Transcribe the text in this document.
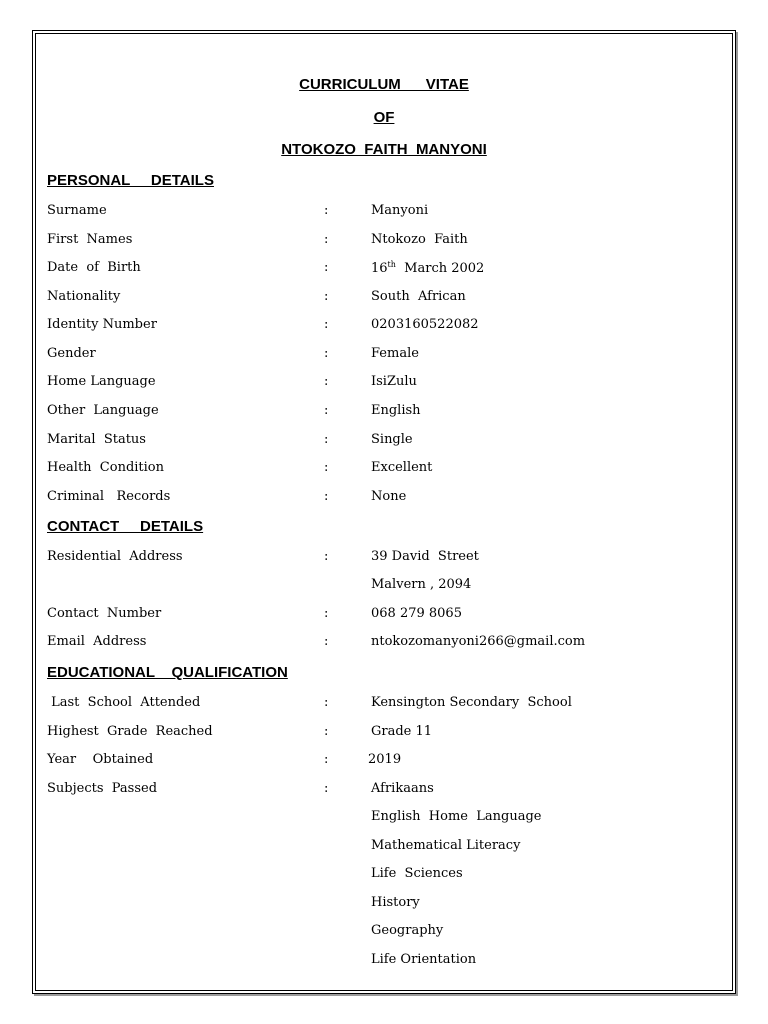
CURRICULUM      VITAE
OF
NTOKOZO  FAITH  MANYONI
PERSONAL     DETAILS
Surname	:	Manyoni
First  Names	:	Ntokozo  Faith
Date  of  Birth	:	16th  March 2002
Nationality	:	South  African
Identity Number	:	0203160522082
Gender	:	Female
Home Language	:	IsiZulu
Other  Language	:	English
Marital  Status	:	Single
Health  Condition	:	Excellent
Criminal   Records	:	None
CONTACT     DETAILS
Residential  Address	:	39 David  Street
Malvern , 2094
Contact  Number	:	068 279 8065
Email  Address	:	ntokozomanyoni266@gmail.com
EDUCATIONAL    QUALIFICATION
Last  School  Attended	:	Kensington Secondary  School
Highest  Grade  Reached	:	Grade 11
Year    Obtained	:	2019
Subjects  Passed	:	Afrikaans
English  Home  Language
Mathematical Literacy
Life  Sciences
History
Geography
Life Orientation
